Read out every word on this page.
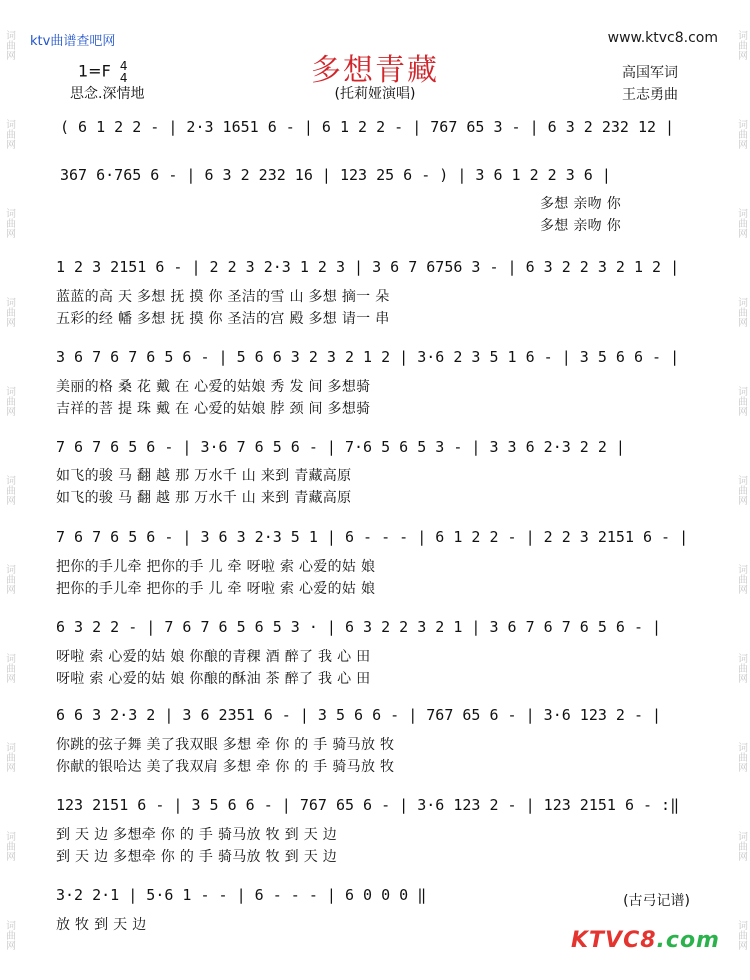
词曲网
词曲网
词曲网
词曲网
词曲网
词曲网
词曲网
词曲网
词曲网
词曲网
词曲网
词曲网
词曲网
词曲网
词曲网
词曲网
词曲网
词曲网
词曲网
词曲网
词曲网
词曲网
ktv曲谱查吧网	www.ktvc8.com
多想青藏
1=F 4
4
思念.深情地	(托莉娅演唱)
高国军词
王志勇曲
( 6 1 2 2 - | 2·3 1651 6 - | 6 1 2 2 - | 767 65 3 - | 6 3 2 232 12 |
367 6·765 6 - | 6 3 2 232 16 | 123 25 6 - ) | 3 6 1 2 2 3 6 |
多想 亲吻 你
多想 亲吻 你
1 2 3 2151 6 - | 2 2 3 2·3 1 2 3 | 3 6 7 6756 3 - | 6 3 2 2 3 2 1 2 |
蓝蓝的高 天 多想 抚 摸 你 圣洁的雪 山 多想 摘一 朵
五彩的经 幡 多想 抚 摸 你 圣洁的宫 殿 多想 请一 串
3 6 7 6 7 6 5 6 - | 5 6 6 3 2 3 2 1 2 | 3·6 2 3 5 1 6 - | 3 5 6 6 - |
美丽的格 桑 花 戴 在 心爱的姑娘 秀 发 间 多想骑
吉祥的菩 提 珠 戴 在 心爱的姑娘 脖 颈 间 多想骑
7 6 7 6 5 6 - | 3·6 7 6 5 6 - | 7·6 5 6 5 3 - | 3 3 6 2·3 2 2 |
如飞的骏 马 翻 越 那 万水千 山 来到 青藏高原
如飞的骏 马 翻 越 那 万水千 山 来到 青藏高原
7 6 7 6 5 6 - | 3 6 3 2·3 5 1 | 6 - - - | 6 1 2 2 - | 2 2 3 2151 6 - |
把你的手儿牵 把你的手 儿 牵 呀啦 索 心爱的姑 娘
把你的手儿牵 把你的手 儿 牵 呀啦 索 心爱的姑 娘
6 3 2 2 - | 7 6 7 6 5 6 5 3 · | 6 3 2 2 3 2 1 | 3 6 7 6 7 6 5 6 - |
呀啦 索 心爱的姑 娘 你酿的青稞 酒 醉了 我 心 田
呀啦 索 心爱的姑 娘 你酿的酥油 茶 醉了 我 心 田
6 6 3 2·3 2 | 3 6 2351 6 - | 3 5 6 6 - | 767 65 6 - | 3·6 123 2 - |
你跳的弦子舞 美了我双眼 多想 牵 你 的 手 骑马放 牧
你献的银哈达 美了我双肩 多想 牵 你 的 手 骑马放 牧
123 2151 6 - | 3 5 6 6 - | 767 65 6 - | 3·6 123 2 - | 123 2151 6 - :‖
到 天 边 多想牵 你 的 手 骑马放 牧 到 天 边
到 天 边 多想牵 你 的 手 骑马放 牧 到 天 边
3·2 2·1 | 5·6 1 - - | 6 - - - | 6 0 0 0 ‖
放 牧 到 天 边
(古弓记谱)
KTVC8.com
